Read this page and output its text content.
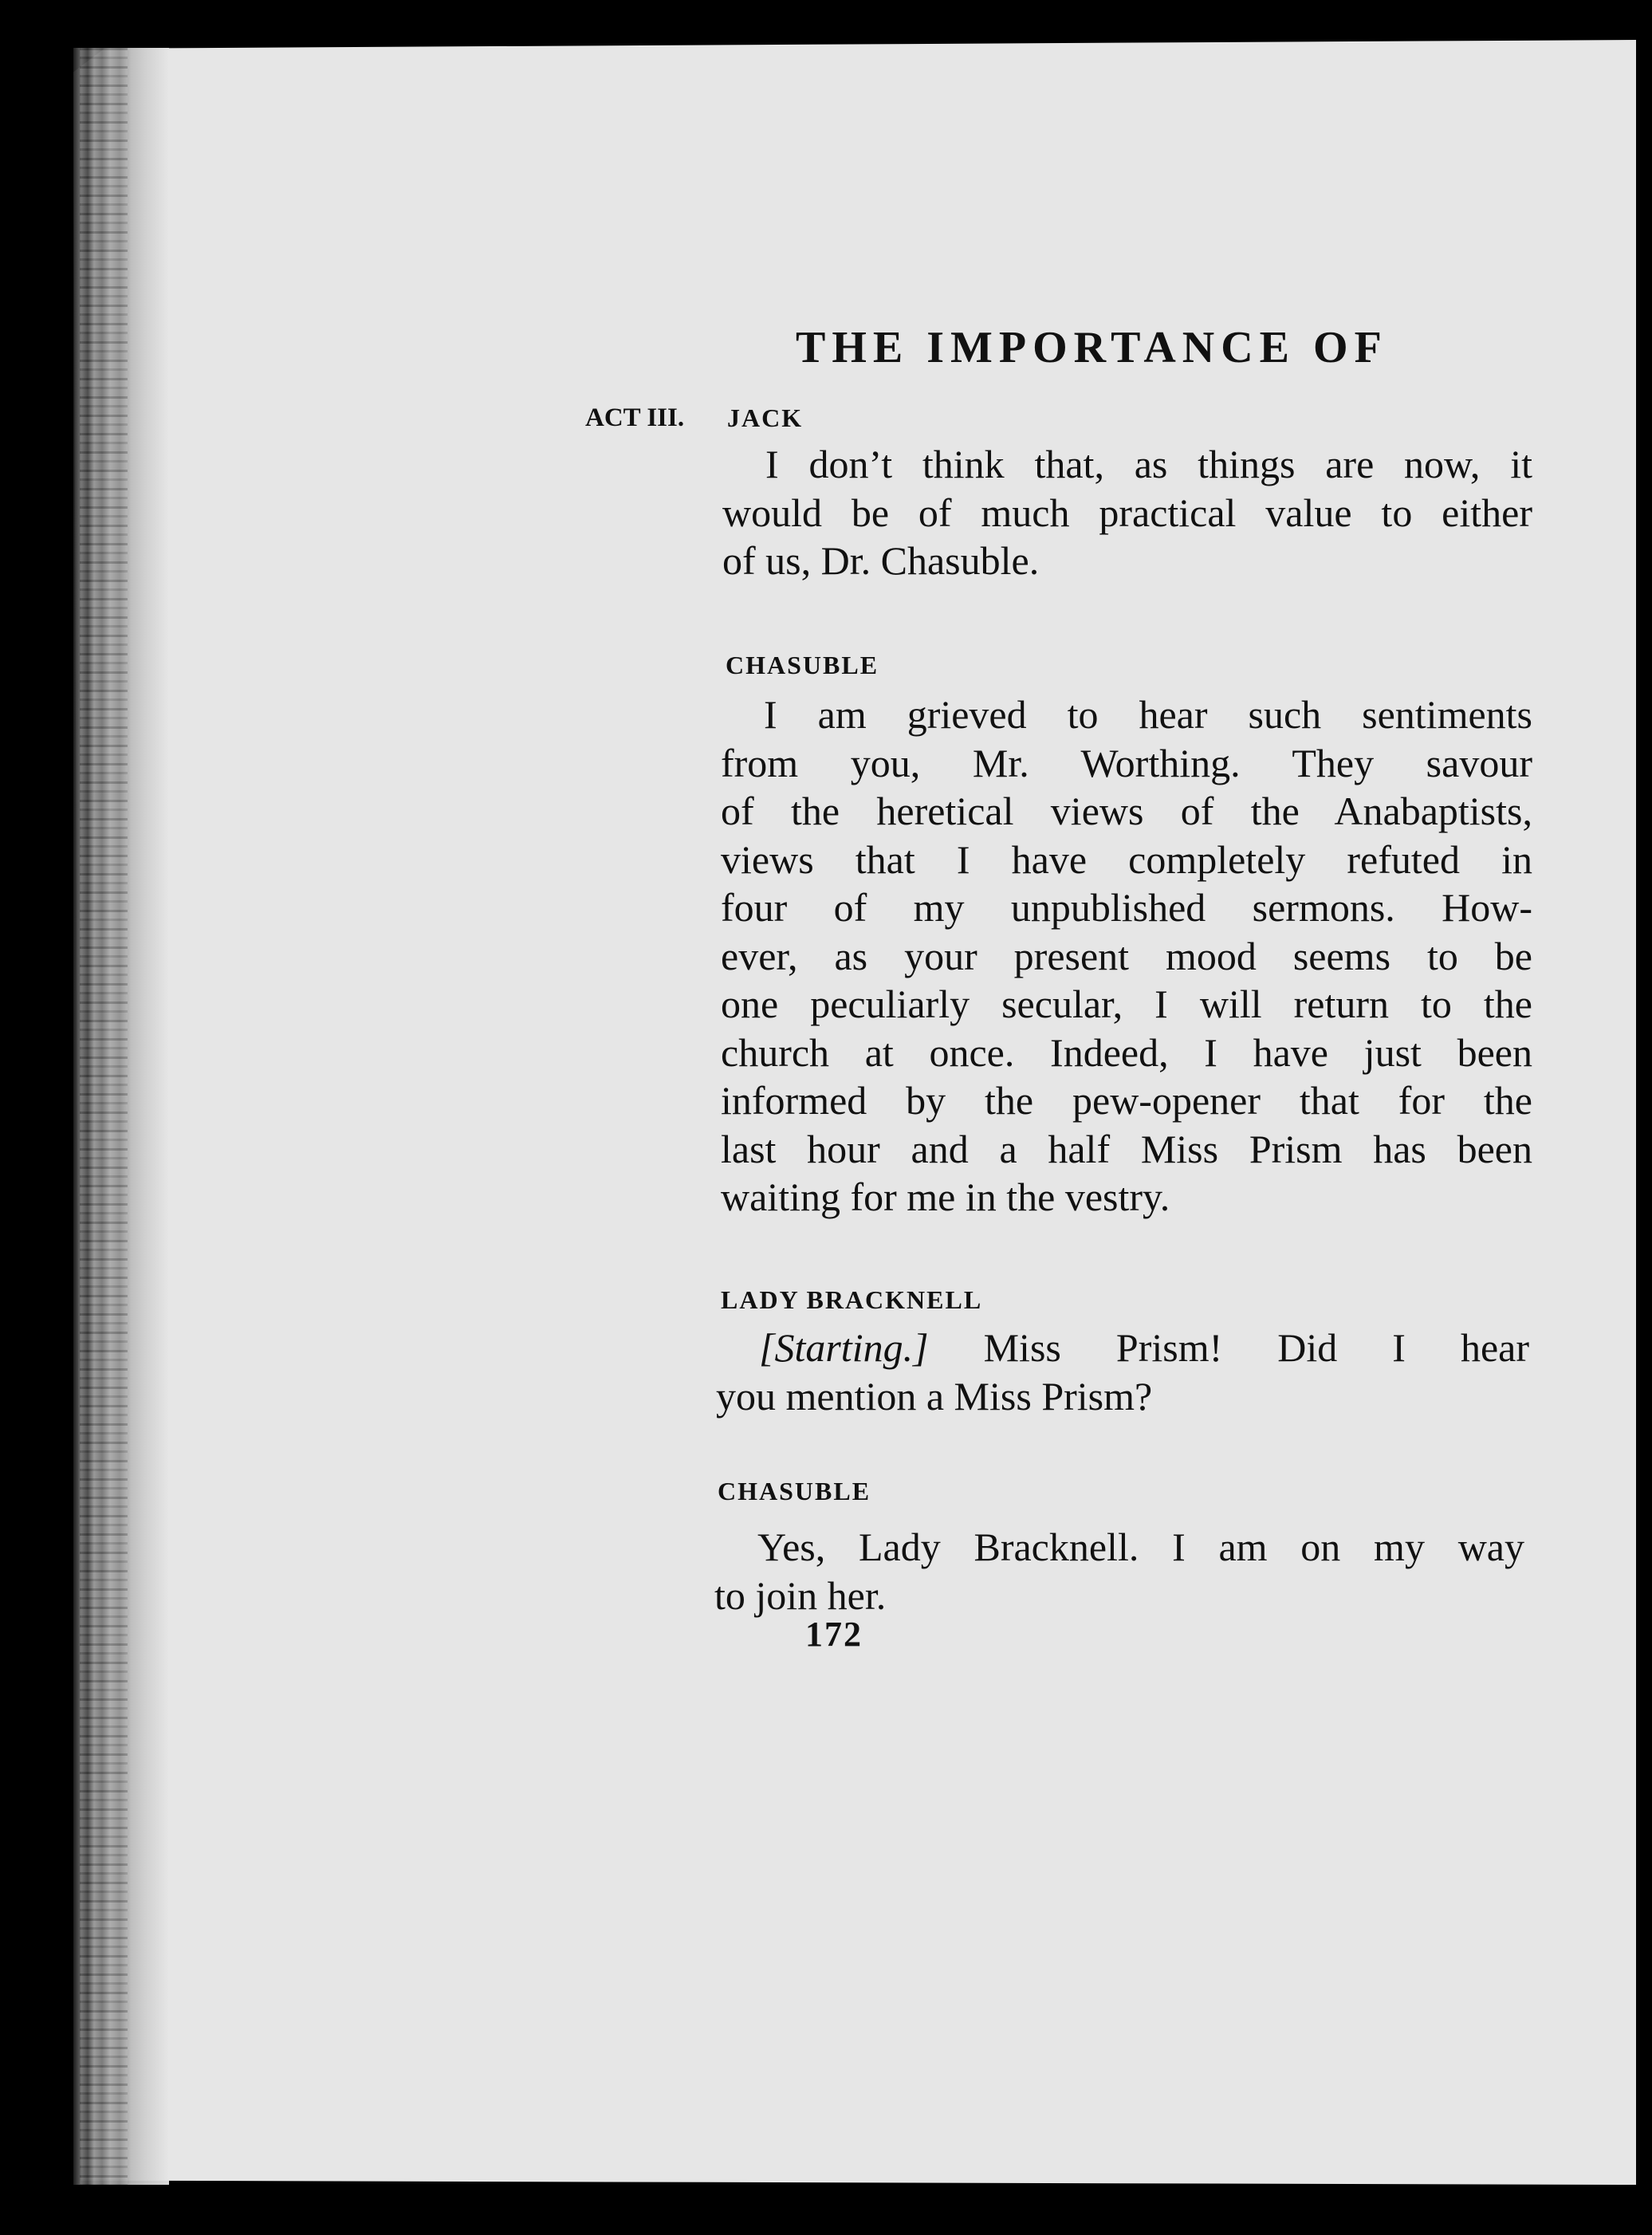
THE IMPORTANCE OF
ACT III. JACK
I don’t think that, as things are now, it
would be of much practical value to either
of us, Dr. Chasuble.
CHASUBLE
I am grieved to hear such sentiments
from you, Mr. Worthing. They savour
of the heretical views of the Anabaptists,
views that I have completely refuted in
four of my unpublished sermons. How-
ever, as your present mood seems to be
one peculiarly secular, I will return to the
church at once. Indeed, I have just been
informed by the pew-opener that for the
last hour and a half Miss Prism has been
waiting for me in the vestry.
LADY BRACKNELL
[Starting.] Miss Prism! Did I hear
you mention a Miss Prism?
CHASUBLE
Yes, Lady Bracknell. I am on my way
to join her.
172
